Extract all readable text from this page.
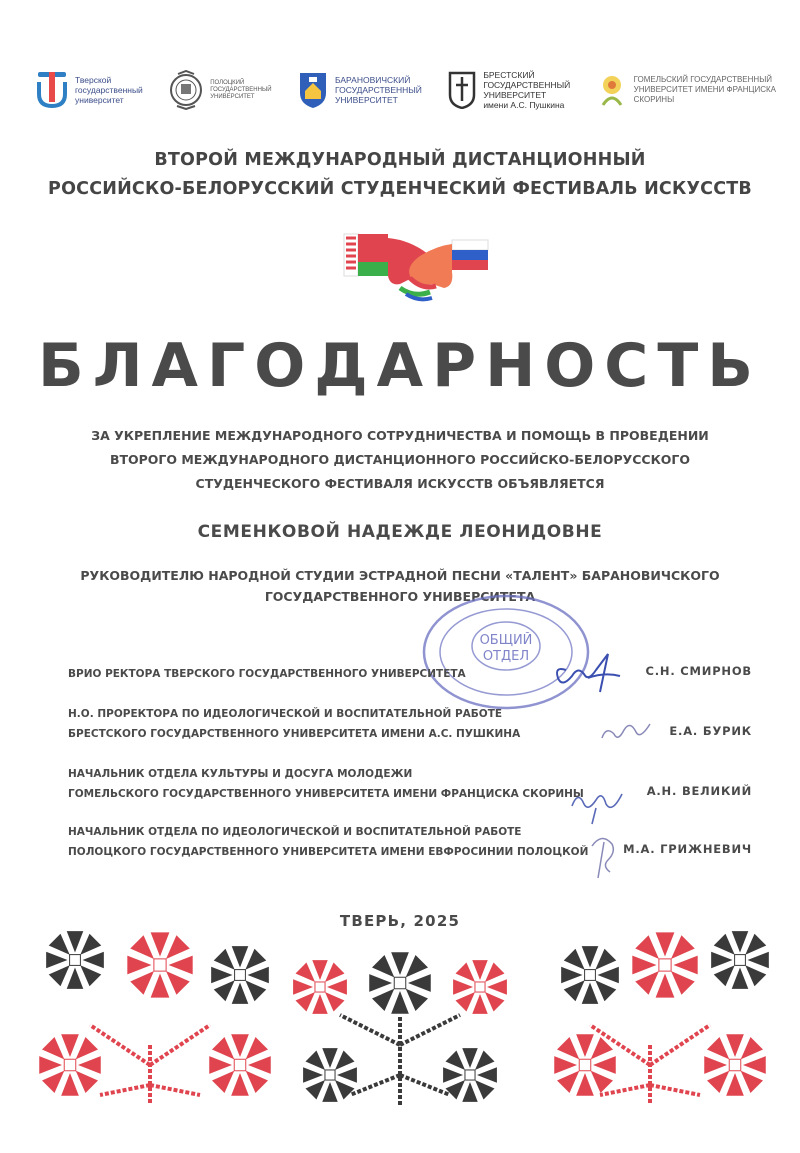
Тверской
государственный
университет
ПОЛОЦКИЙ
ГОСУДАРСТВЕННЫЙ
УНИВЕРСИТЕТ
БАРАНОВИЧСКИЙ
ГОСУДАРСТВЕННЫЙ
УНИВЕРСИТЕТ
БРЕСТСКИЙ
ГОСУДАРСТВЕННЫЙ
УНИВЕРСИТЕТ
имени А.С. Пушкина
ГОМЕЛЬСКИЙ ГОСУДАРСТВЕННЫЙ
УНИВЕРСИТЕТ ИМЕНИ ФРАНЦИСКА
СКОРИНЫ
ВТОРОЙ МЕЖДУНАРОДНЫЙ ДИСТАНЦИОННЫЙ
РОССИЙСКО-БЕЛОРУССКИЙ СТУДЕНЧЕСКИЙ ФЕСТИВАЛЬ ИСКУССТВ
БЛАГОДАРНОСТЬ
ЗА УКРЕПЛЕНИЕ МЕЖДУНАРОДНОГО СОТРУДНИЧЕСТВА И ПОМОЩЬ В ПРОВЕДЕНИИ
ВТОРОГО МЕЖДУНАРОДНОГО ДИСТАНЦИОННОГО РОССИЙСКО-БЕЛОРУССКОГО
СТУДЕНЧЕСКОГО ФЕСТИВАЛЯ ИСКУССТВ ОБЪЯВЛЯЕТСЯ
СЕМЕНКОВОЙ НАДЕЖДЕ ЛЕОНИДОВНЕ
РУКОВОДИТЕЛЮ НАРОДНОЙ СТУДИИ ЭСТРАДНОЙ ПЕСНИ «ТАЛЕНТ» БАРАНОВИЧСКОГО
ГОСУДАРСТВЕННОГО УНИВЕРСИТЕТА
ОБЩИЙ
ОТДЕЛ
ВРИО РЕКТОРА ТВЕРСКОГО ГОСУДАРСТВЕННОГО УНИВЕРСИТЕТА	С.Н. СМИРНОВ
Н.О. ПРОРЕКТОРА ПО ИДЕОЛОГИЧЕСКОЙ И ВОСПИТАТЕЛЬНОЙ РАБОТЕ
БРЕСТСКОГО ГОСУДАРСТВЕННОГО УНИВЕРСИТЕТА ИМЕНИ А.С. ПУШКИНА	Е.А. БУРИК
НАЧАЛЬНИК ОТДЕЛА КУЛЬТУРЫ И ДОСУГА МОЛОДЕЖИ
ГОМЕЛЬСКОГО ГОСУДАРСТВЕННОГО УНИВЕРСИТЕТА ИМЕНИ ФРАНЦИСКА СКОРИНЫ	А.Н. ВЕЛИКИЙ
НАЧАЛЬНИК ОТДЕЛА ПО ИДЕОЛОГИЧЕСКОЙ И ВОСПИТАТЕЛЬНОЙ РАБОТЕ
ПОЛОЦКОГО ГОСУДАРСТВЕННОГО УНИВЕРСИТЕТА ИМЕНИ ЕВФРОСИНИИ ПОЛОЦКОЙ	М.А. ГРИЖНЕВИЧ
ТВЕРЬ, 2025
